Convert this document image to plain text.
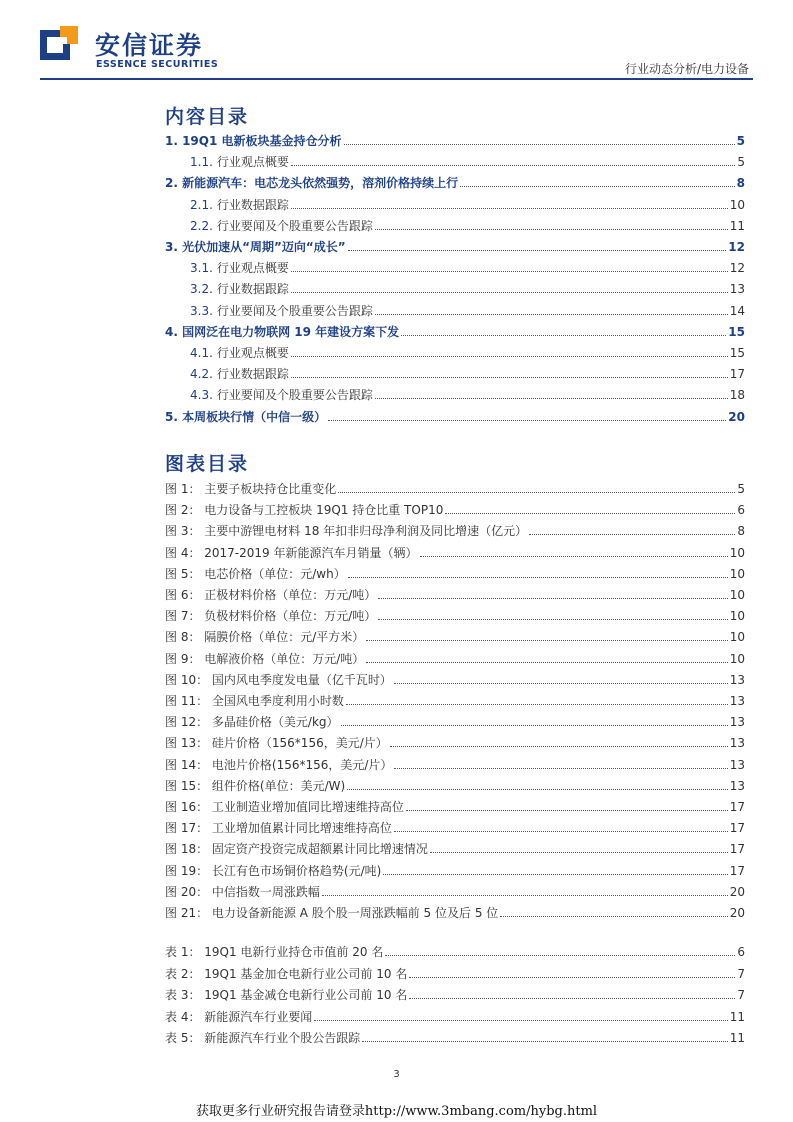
安信证券
ESSENCE SECURITIES	行业动态分析/电力设备
内容目录
1. 19Q1 电新板块基金持仓分析	5
1.1. 行业观点概要	5
2. 新能源汽车：电芯龙头依然强势，溶剂价格持续上行	8
2.1. 行业数据跟踪	10
2.2. 行业要闻及个股重要公告跟踪	11
3. 光伏加速从“周期”迈向“成长”	12
3.1. 行业观点概要	12
3.2. 行业数据跟踪	13
3.3. 行业要闻及个股重要公告跟踪	14
4. 国网泛在电力物联网 19 年建设方案下发	15
4.1. 行业观点概要	15
4.2. 行业数据跟踪	17
4.3. 行业要闻及个股重要公告跟踪	18
5. 本周板块行情（中信一级）	20
图表目录
图 1： 主要子板块持仓比重变化	5
图 2： 电力设备与工控板块 19Q1 持仓比重 TOP10	6
图 3： 主要中游锂电材料 18 年扣非归母净利润及同比增速（亿元）	8
图 4： 2017-2019 年新能源汽车月销量（辆）	10
图 5： 电芯价格（单位：元/wh）	10
图 6： 正极材料价格（单位：万元/吨）	10
图 7： 负极材料价格（单位：万元/吨）	10
图 8： 隔膜价格（单位：元/平方米）	10
图 9： 电解液价格（单位：万元/吨）	10
图 10： 国内风电季度发电量（亿千瓦时）	13
图 11： 全国风电季度利用小时数	13
图 12： 多晶硅价格（美元/kg）	13
图 13： 硅片价格（156*156，美元/片）	13
图 14： 电池片价格(156*156，美元/片）	13
图 15： 组件价格(单位：美元/W)	13
图 16： 工业制造业增加值同比增速维持高位	17
图 17： 工业增加值累计同比增速维持高位	17
图 18： 固定资产投资完成超额累计同比增速情况	17
图 19： 长江有色市场铜价格趋势(元/吨)	17
图 20： 中信指数一周涨跌幅	20
图 21： 电力设备新能源 A 股个股一周涨跌幅前 5 位及后 5 位	20
表 1： 19Q1 电新行业持仓市值前 20 名	6
表 2： 19Q1 基金加仓电新行业公司前 10 名	7
表 3： 19Q1 基金减仓电新行业公司前 10 名	7
表 4： 新能源汽车行业要闻	11
表 5： 新能源汽车行业个股公告跟踪	11
3
获取更多行业研究报告请登录http://www.3mbang.com/hybg.html
